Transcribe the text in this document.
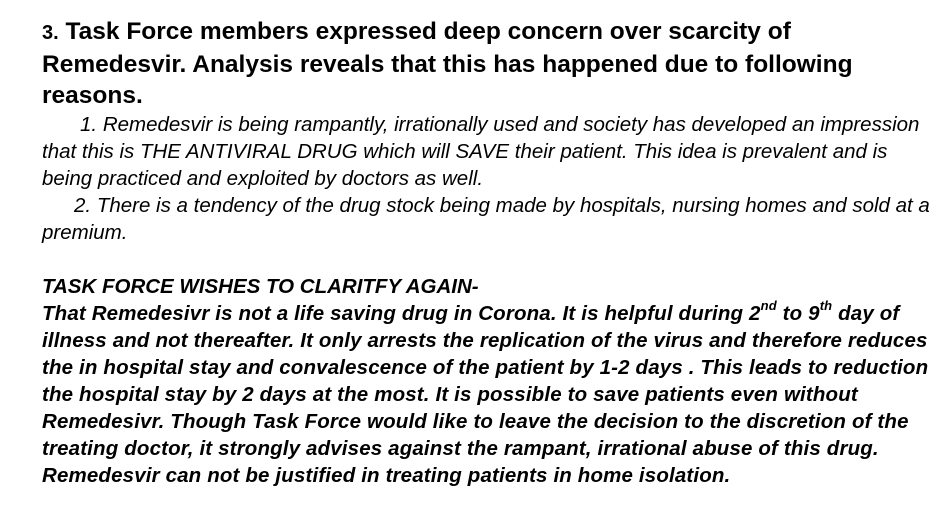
3. Task Force members expressed deep concern over scarcity of Remedesvir. Analysis reveals that this has happened due to following reasons.

1. Remedesvir is being rampantly, irrationally used and society has developed an impression that this is THE ANTIVIRAL DRUG which will SAVE their patient. This idea is prevalent and is being practiced and exploited by doctors as well.

2. There is a tendency of the drug stock being made by hospitals, nursing homes and sold at a premium.

TASK FORCE WISHES TO CLARITFY AGAIN-

That Remedesivr is not a life saving drug in Corona. It is helpful during 2nd to 9th day of illness and not thereafter. It only arrests the replication of the virus and therefore reduces the in hospital stay and convalescence of the patient by 1-2 days . This leads to reduction the hospital stay by 2 days at the most. It is possible to save patients even without Remedesivr. Though Task Force would like to leave the decision to the discretion of the treating doctor, it strongly advises against the rampant, irrational abuse of this drug. Remedesvir can not be justified in treating patients in home isolation.
